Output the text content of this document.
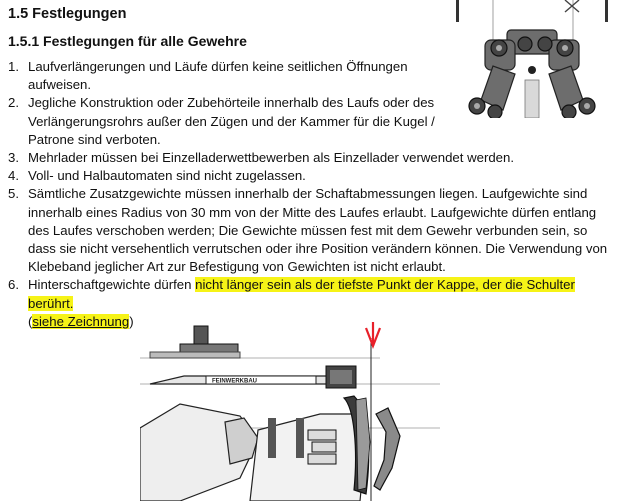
1.5 Festlegungen
1.5.1 Festlegungen für alle Gewehre
1. Laufverlängerungen und Läufe dürfen keine seitlichen Öffnungen aufweisen.
2. Jegliche Konstruktion oder Zubehörteile innerhalb des Laufs oder des Verlängerungsrohrs außer den Zügen und der Kammer für die Kugel / Patrone sind verboten.
3. Mehrlader müssen bei Einzelladerwettbewerben als Einzellader verwendet werden.
4. Voll- und Halbautomaten sind nicht zugelassen.
5. Sämtliche Zusatzgewichte müssen innerhalb der Schaftabmessungen liegen. Laufgewichte sind innerhalb eines Radius von 30 mm von der Mitte des Laufes erlaubt. Laufgewichte dürfen entlang des Laufes verschoben werden; Die Gewichte müssen fest mit dem Gewehr verbunden sein, so dass sie nicht versehentlich verrutschen oder ihre Position verändern können. Die Verwendung von Klebeband jeglicher Art zur Befestigung von Gewichten ist nicht erlaubt.
6. Hinterschaftgewichte dürfen nicht länger sein als der tiefste Punkt der Kappe, der die Schulter berührt.
(siehe Zeichnung)
FEINWERKBAU
